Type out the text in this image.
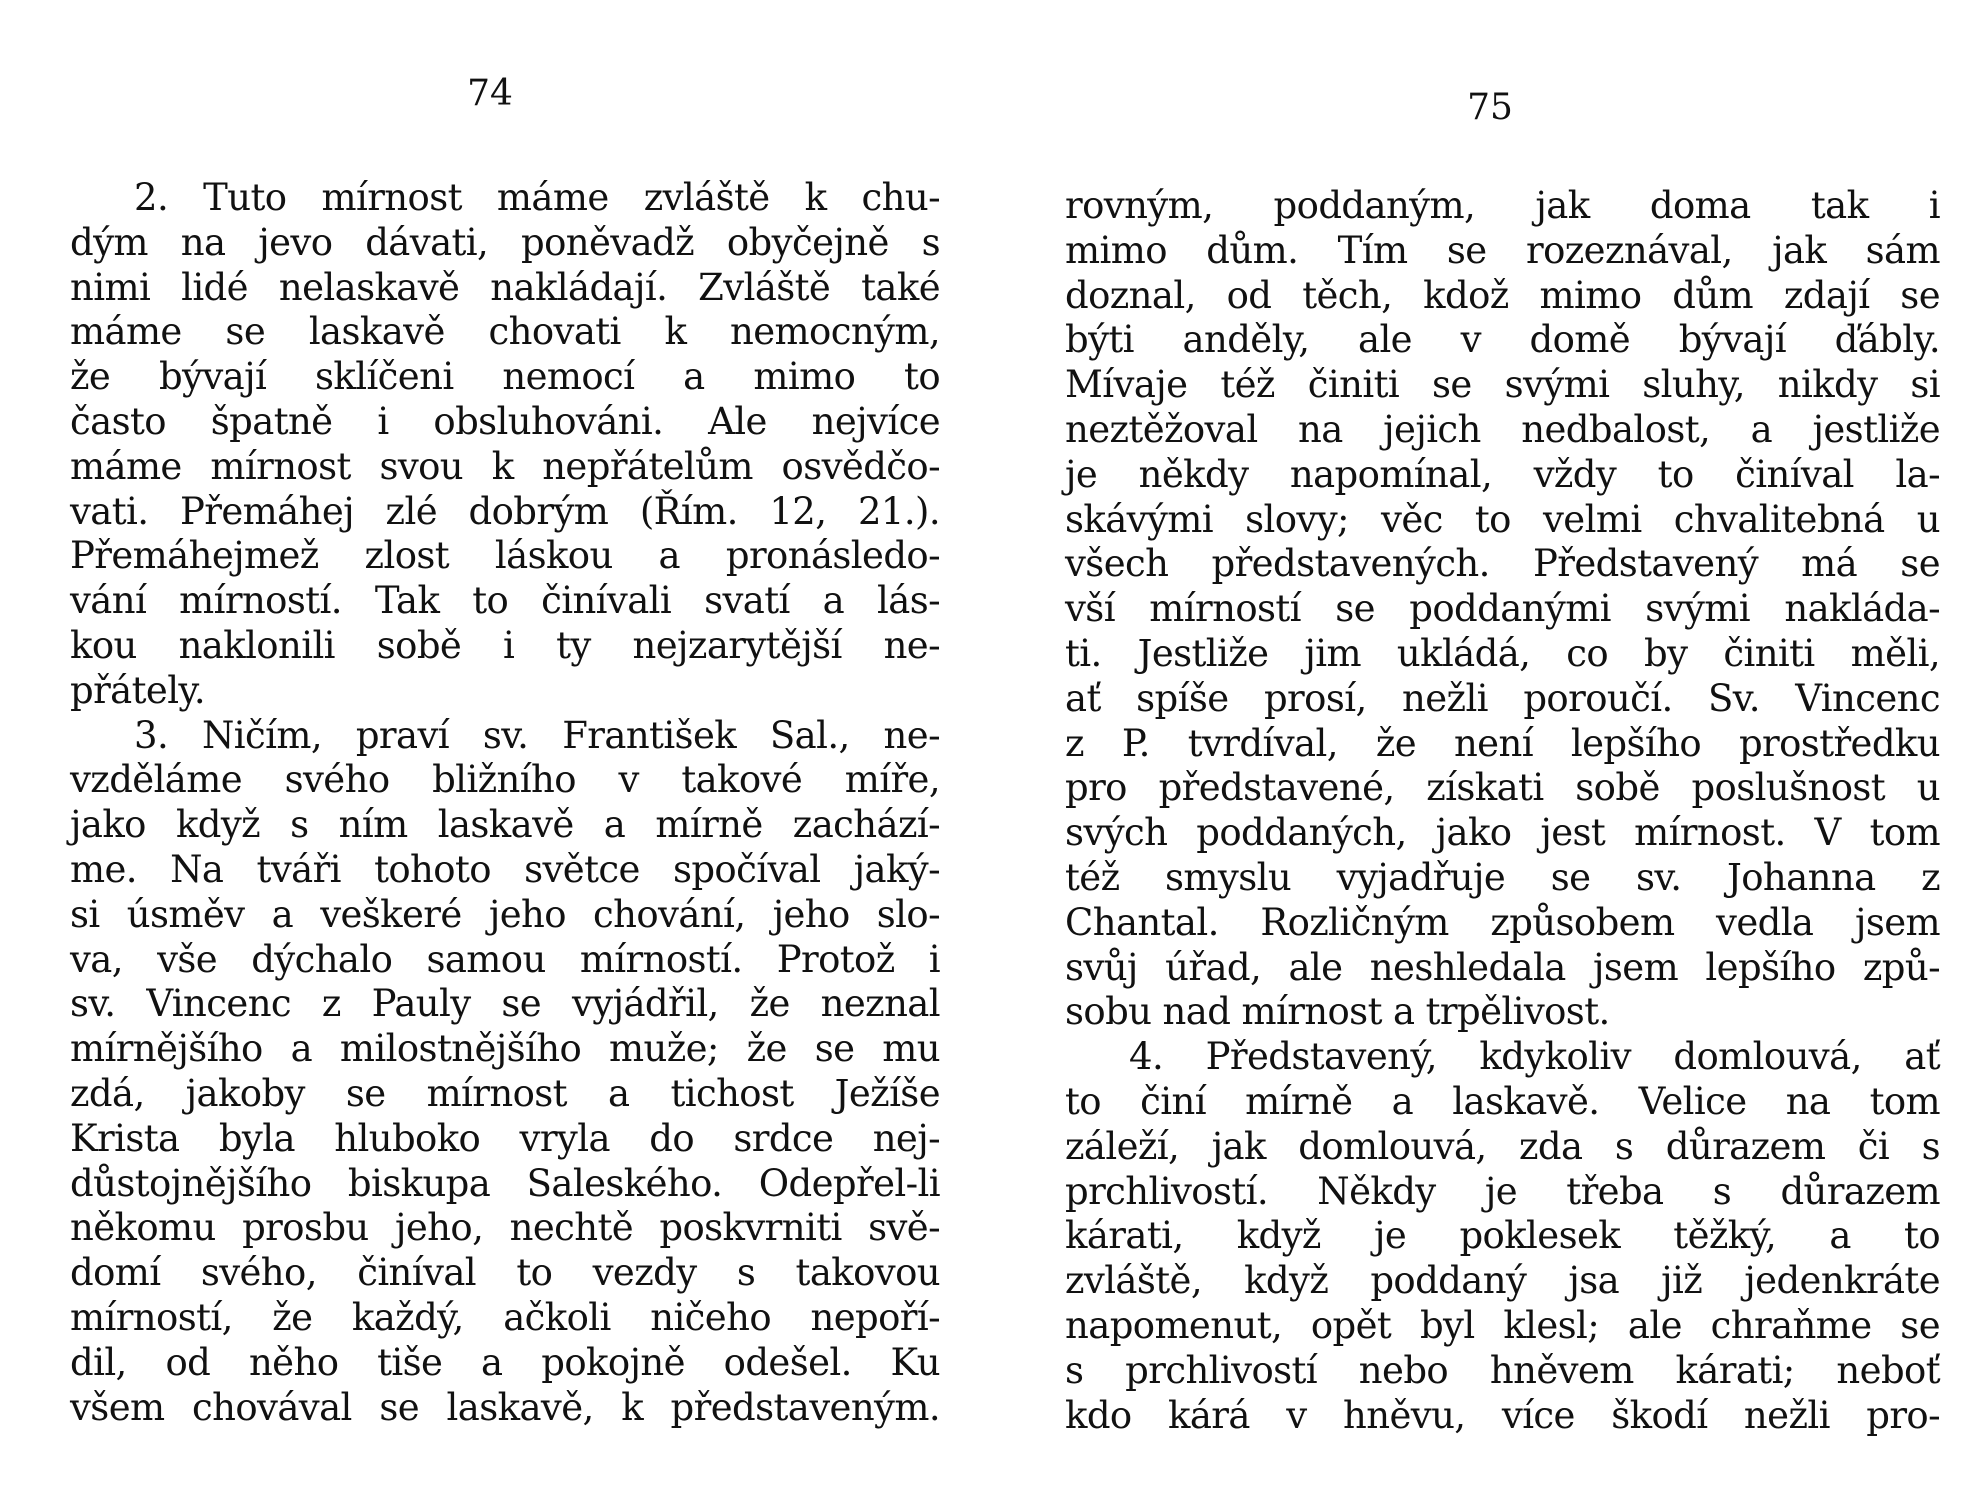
74
2. Tuto mírnost máme zvláště k chu-
dým na jevo dávati, poněvadž obyčejně s
nimi lidé nelaskavě nakládají. Zvláště také
máme se laskavě chovati k nemocným,
že bývají sklíčeni nemocí a mimo to
často špatně i obsluhováni. Ale nejvíce
máme mírnost svou k nepřátelům osvědčo-
vati. Přemáhej zlé dobrým (Řím. 12, 21.).
Přemáhejmež zlost láskou a pronásledo-
vání mírností. Tak to činívali svatí a lás-
kou naklonili sobě i ty nejzarytější ne-
přátely.
3. Ničím, praví sv. František Sal., ne-
vzděláme svého bližního v takové míře,
jako když s ním laskavě a mírně zachází-
me. Na tváři tohoto světce spočíval jaký-
si úsměv a veškeré jeho chování, jeho slo-
va, vše dýchalo samou mírností. Protož i
sv. Vincenc z Pauly se vyjádřil, že neznal
mírnějšího a milostnějšího muže; že se mu
zdá, jakoby se mírnost a tichost Ježíše
Krista byla hluboko vryla do srdce nej-
důstojnějšího biskupa Saleského. Odepřel-li
někomu prosbu jeho, nechtě poskvrniti svě-
domí svého, činíval to vezdy s takovou
mírností, že každý, ačkoli ničeho nepoří-
dil, od něho tiše a pokojně odešel. Ku
všem chovával se laskavě, k představeným.
75
rovným, poddaným, jak doma tak i
mimo dům. Tím se rozeznával, jak sám
doznal, od těch, kdož mimo dům zdají se
býti anděly, ale v domě bývají ďábly.
Mívaje též činiti se svými sluhy, nikdy si
neztěžoval na jejich nedbalost, a jestliže
je někdy napomínal, vždy to činíval la-
skávými slovy; věc to velmi chvalitebná u
všech představených. Představený má se
vší mírností se poddanými svými nakláda-
ti. Jestliže jim ukládá, co by činiti měli,
ať spíše prosí, nežli poroučí. Sv. Vincenc
z P. tvrdíval, že není lepšího prostředku
pro představené, získati sobě poslušnost u
svých poddaných, jako jest mírnost. V tom
též smyslu vyjadřuje se sv. Johanna z
Chantal. Rozličným způsobem vedla jsem
svůj úřad, ale neshledala jsem lepšího způ-
sobu nad mírnost a trpělivost.
4. Představený, kdykoliv domlouvá, ať
to činí mírně a laskavě. Velice na tom
záleží, jak domlouvá, zda s důrazem či s
prchlivostí. Někdy je třeba s důrazem
kárati, když je poklesek těžký, a to
zvláště, když poddaný jsa již jedenkráte
napomenut, opět byl klesl; ale chraňme se
s prchlivostí nebo hněvem kárati; neboť
kdo kárá v hněvu, více škodí nežli pro-
